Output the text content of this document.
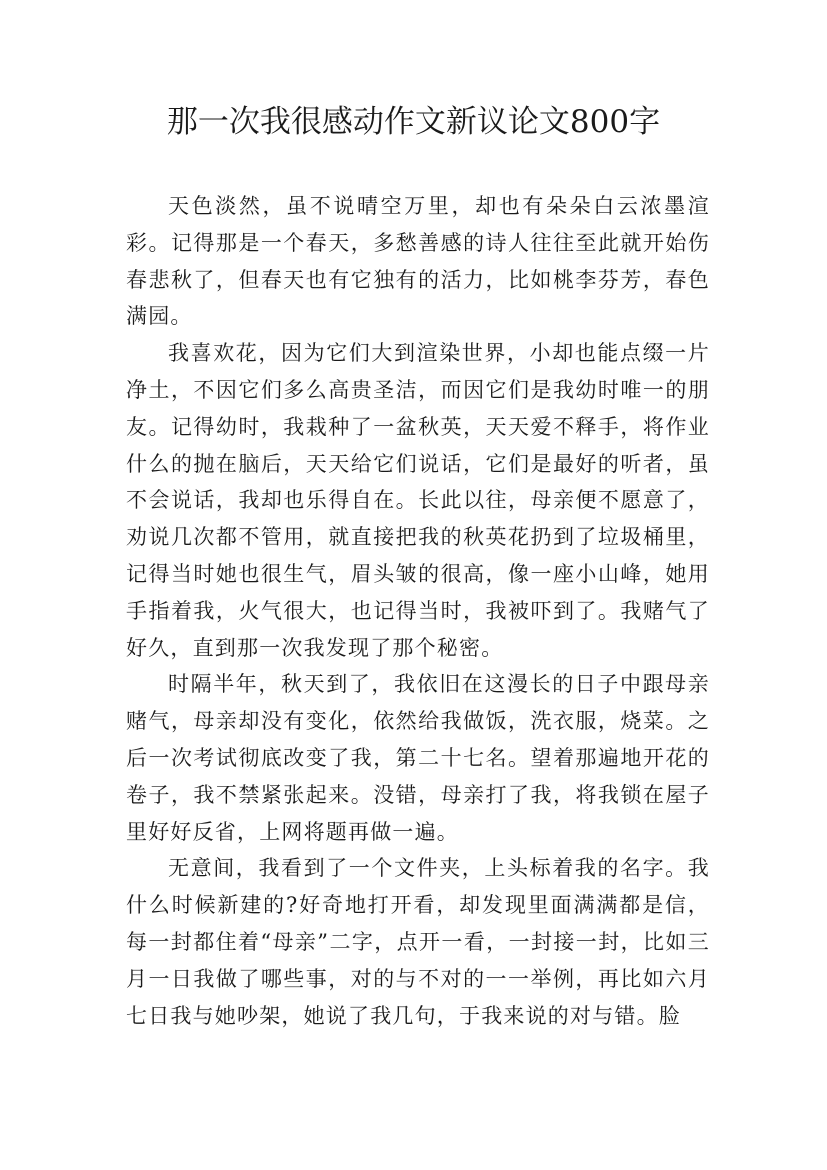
那一次我很感动作文新议论文800字

天色淡然，虽不说晴空万里，却也有朵朵白云浓墨渲彩。记得那是一个春天，多愁善感的诗人往往至此就开始伤春悲秋了，但春天也有它独有的活力，比如桃李芬芳，春色满园。

我喜欢花，因为它们大到渲染世界，小却也能点缀一片净土，不因它们多么高贵圣洁，而因它们是我幼时唯一的朋友。记得幼时，我栽种了一盆秋英，天天爱不释手，将作业什么的抛在脑后，天天给它们说话，它们是最好的听者，虽不会说话，我却也乐得自在。长此以往，母亲便不愿意了，劝说几次都不管用，就直接把我的秋英花扔到了垃圾桶里，记得当时她也很生气，眉头皱的很高，像一座小山峰，她用手指着我，火气很大，也记得当时，我被吓到了。我赌气了好久，直到那一次我发现了那个秘密。

时隔半年，秋天到了，我依旧在这漫长的日子中跟母亲赌气，母亲却没有变化，依然给我做饭，洗衣服，烧菜。之后一次考试彻底改变了我，第二十七名。望着那遍地开花的卷子，我不禁紧张起来。没错，母亲打了我，将我锁在屋子里好好反省，上网将题再做一遍。

无意间，我看到了一个文件夹，上头标着我的名字。我什么时候新建的?好奇地打开看，却发现里面满满都是信，每一封都住着“母亲”二字，点开一看，一封接一封，比如三月一日我做了哪些事，对的与不对的一一举例，再比如六月七日我与她吵架，她说了我几句，于我来说的对与错。脸
